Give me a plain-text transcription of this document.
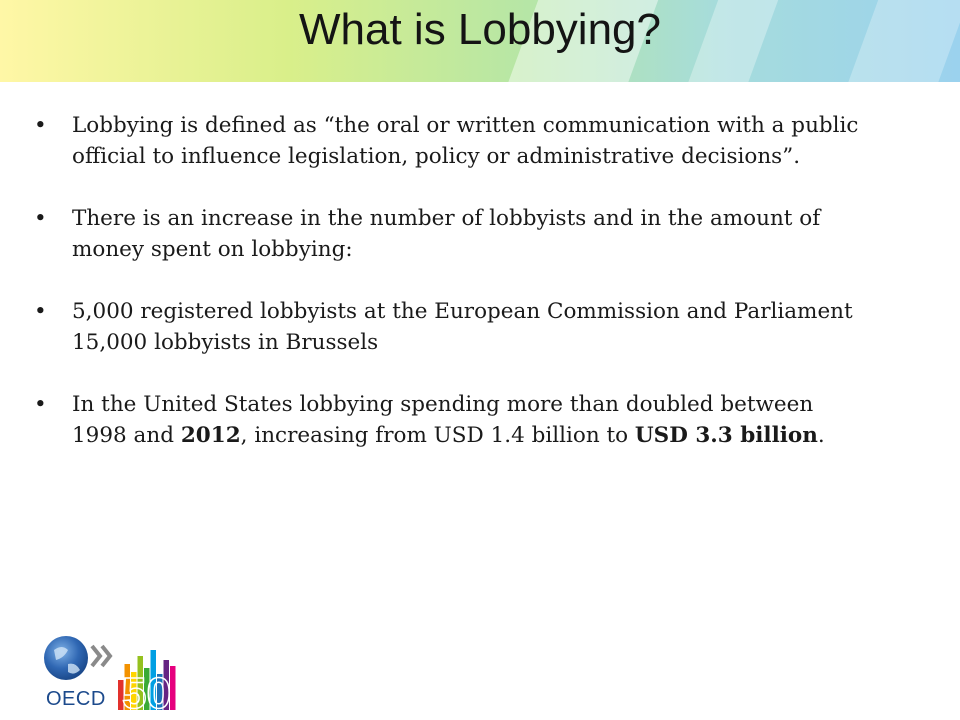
What is Lobbying?
• Lobbying is defined as “the oral or written communication with a public
official to influence legislation, policy or administrative decisions”.
• There is an increase in the number of lobbyists and in the amount of
money spent on lobbying:
• 5,000 registered lobbyists at the European Commission and Parliament
15,000 lobbyists in Brussels
• In the United States lobbying spending more than doubled between
1998 and 2012, increasing from USD 1.4 billion to USD 3.3 billion.
50
OECD
